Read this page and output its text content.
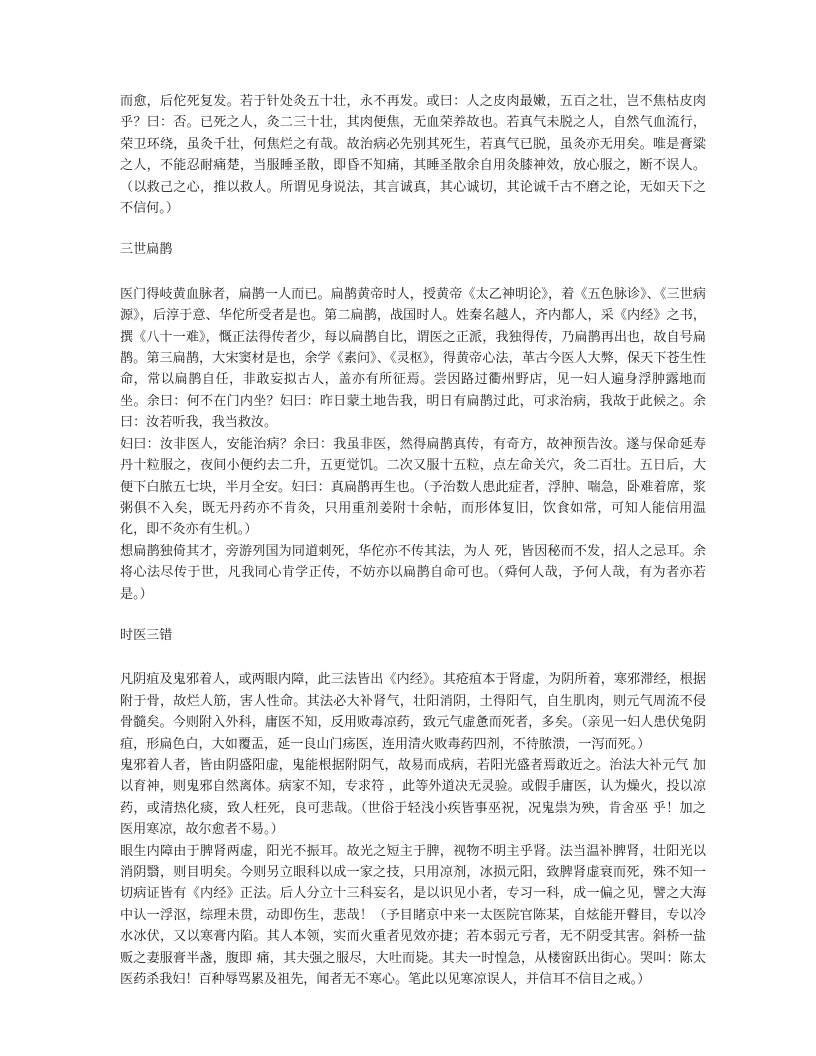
而愈，后佗死复发。若于针处灸五十壮，永不再发。或曰：人之皮肉最嫩，五百之壮，岂不焦枯皮肉乎？曰：否。已死之人，灸二三十壮，其肉便焦，无血荣养故也。若真气未脱之人，自然气血流行，荣卫环绕，虽灸千壮，何焦烂之有哉。故治病必先别其死生，若真气已脱，虽灸亦无用矣。唯是膏粱之人，不能忍耐痛楚，当服睡圣散，即昏不知痛，其睡圣散余自用灸膝神效，放心服之，断不误人。（以救己之心，推以救人。所谓见身说法，其言诚真，其心诚切，其论诚千古不磨之论，无如天下之不信何。）

三世扁鹊

医门得岐黄血脉者，扁鹊一人而已。扁鹊黄帝时人，授黄帝《太乙神明论》，着《五色脉诊》、《三世病源》，后淳于意、华佗所受者是也。第二扁鹊，战国时人。姓秦名越人，齐内都人，采《内经》之书，撰《八十一难》，慨正法得传者少，每以扁鹊自比，谓医之正派，我独得传，乃扁鹊再出也，故自号扁鹊。第三扁鹊，大宋窦材是也，余学《素问》、《灵枢》，得黄帝心法，革古今医人大弊，保天下苍生性命，常以扁鹊自任，非敢妄拟古人，盖亦有所征焉。尝因路过衢州野店，见一妇人遍身浮肿露地而坐。余曰：何不在门内坐？妇曰：昨日蒙土地告我，明日有扁鹊过此，可求治病，我故于此候之。余曰：汝若听我，我当救汝。

妇曰：汝非医人，安能治病？余曰：我虽非医，然得扁鹊真传，有奇方，故神预告汝。遂与保命延寿丹十粒服之，夜间小便约去二升，五更觉饥。二次又服十五粒，点左命关穴，灸二百壮。五日后，大便下白脓五七块，半月全安。妇曰：真扁鹊再生也。（予治数人患此症者，浮肿、喘急，卧难着席，浆粥俱不入矣，既无丹药亦不肯灸，只用重剂姜附十余帖，而形体复旧，饮食如常，可知人能信用温化，即不灸亦有生机。）

想扁鹊独倚其才，旁游列国为同道刺死，华佗亦不传其法，为人 死，皆因秘而不发，招人之忌耳。余将心法尽传于世，凡我同心肯学正传，不妨亦以扁鹊自命可也。（舜何人哉，予何人哉，有为者亦若是。）

时医三错

凡阴疽及鬼邪着人，或两眼内障，此三法皆出《内经》。其疮疽本于肾虚，为阴所着，寒邪滞经，根据附于骨，故烂人筋，害人性命。其法必大补肾气，壮阳消阴，土得阳气，自生肌肉，则元气周流不侵骨髓矣。今则附入外科，庸医不知，反用败毒凉药，致元气虚惫而死者，多矣。（亲见一妇人患伏兔阴疽，形扁色白，大如覆盂，延一良山门疡医，连用清火败毒药四剂，不待脓溃，一泻而死。）

鬼邪着人者，皆由阴盛阳虚，鬼能根据附阴气，故易而成病，若阳光盛者焉敢近之。治法大补元气 加以育神，则鬼邪自然离体。病家不知，专求符 ，此等外道决无灵验。或假手庸医，认为燥火，投以凉药，或清热化痰，致人枉死，良可悲哉。（世俗于轻浅小疾皆事巫祝，况鬼祟为殃，肯舍巫 乎！加之医用寒凉，故尔愈者不易。）

眼生内障由于脾肾两虚，阳光不振耳。故光之短主于脾，视物不明主乎肾。法当温补脾肾，壮阳光以消阴翳，则目明矣。今则另立眼科以成一家之技，只用凉剂，冰损元阳，致脾肾虚衰而死，殊不知一切病证皆有《内经》正法。后人分立十三科妄名，是以识见小者，专习一科，成一偏之见，譬之大海中认一浮沤，综理未贯，动即伤生，悲哉！（予目睹京中来一太医院官陈某，自炫能开瞽目，专以冷水冰伏，又以寒膏内陷。其人本领，实而火重者见效亦捷；若本弱元亏者，无不阴受其害。斜桥一盐贩之妻服膏半盏，腹即 痛，其夫强之服尽，大吐而毙。其夫一时惶急，从楼窗跃出街心。哭叫：陈太医药杀我妇！百种辱骂累及祖先，闻者无不寒心。笔此以见寒凉误人，并信耳不信目之戒。）
